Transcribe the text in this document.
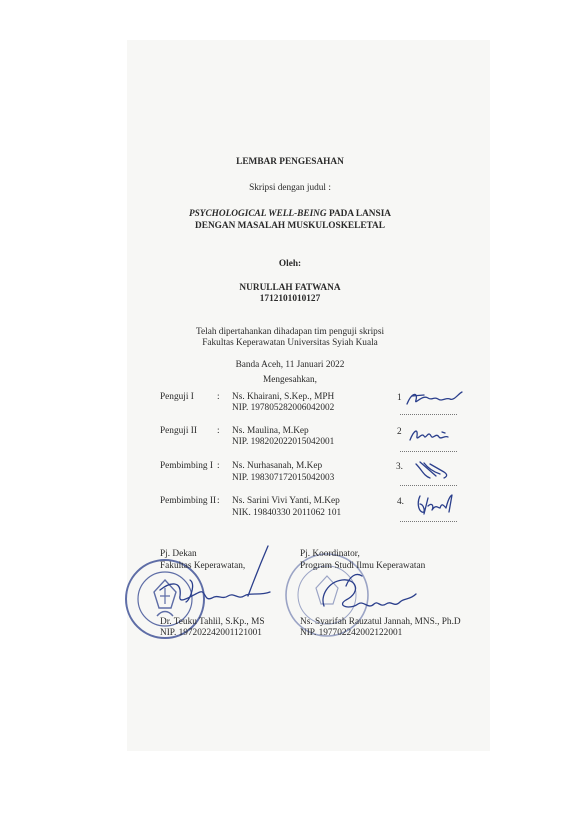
LEMBAR PENGESAHAN
Skripsi dengan judul :
PSYCHOLOGICAL WELL-BEING PADA LANSIA
DENGAN MASALAH MUSKULOSKELETAL
Oleh:
NURULLAH FATWANA
1712101010127
Telah dipertahankan dihadapan tim penguji skripsi
Fakultas Keperawatan Universitas Syiah Kuala
Banda Aceh, 11 Januari 2022
Mengesahkan,
Penguji I : Ns. Khairani, S.Kep., MPH
NIP. 197805282006042002
1
Penguji II : Ns. Maulina, M.Kep
NIP. 198202022015042001
2
Pembimbing I : Ns. Nurhasanah, M.Kep
NIP. 198307172015042003
3.
Pembimbing II : Ns. Sarini Vivi Yanti, M.Kep
NIK. 19840330 2011062 101
4.
Pj. Dekan
Fakultas Keperawatan,
Dr. Teuku Tahlil, S.Kp., MS
NIP. 197202242001121001
Pj. Koordinator,
Program Studi Ilmu Keperawatan
Ns. Syarifah Rauzatul Jannah, MNS., Ph.D
NIP. 197702242002122001
